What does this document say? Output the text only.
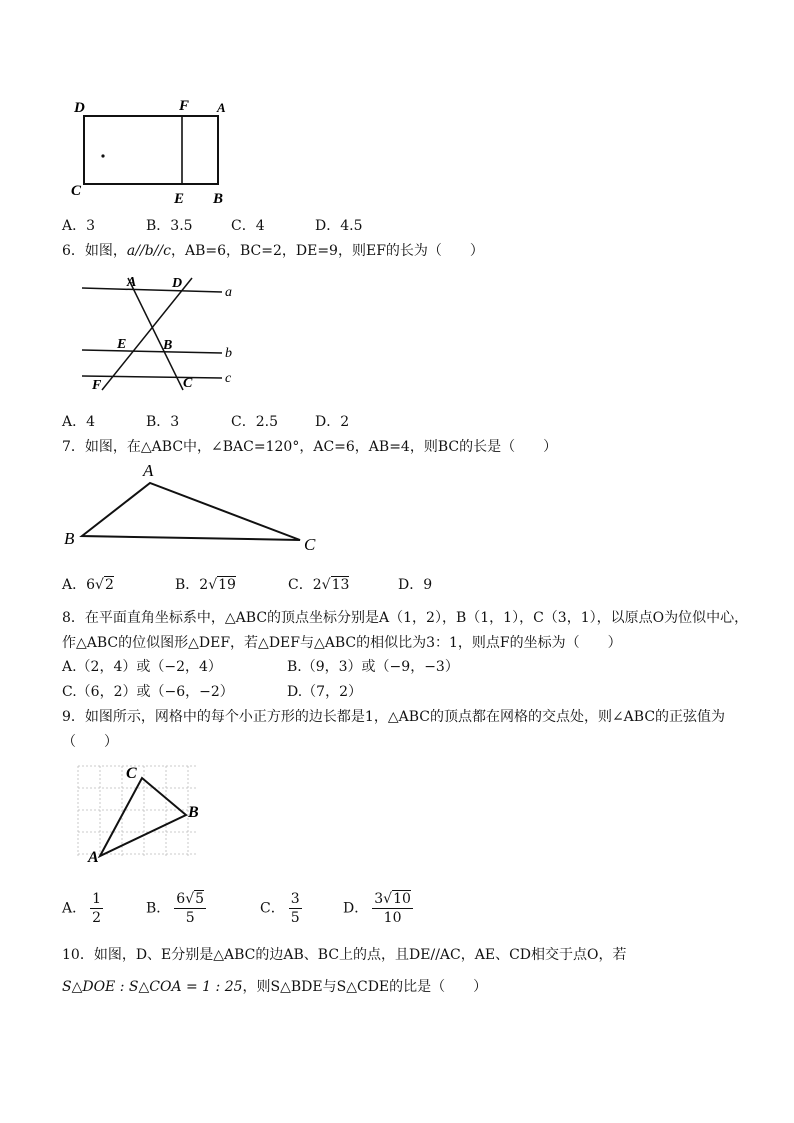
D	F A
C	E B
A．3	B．3.5	C．4	D．4.5
6．如图，a//b//c，AB=6，BC=2，DE=9，则EF的长为（　　）
A	D
a
E	B
b
F	C c
A．4	B．3	C．2.5	D．2
7．如图，在△ABC中，∠BAC=120°，AC=6，AB=4，则BC的长是（　　）
A
B	C
A．6√2	B．2√19	C．2√13	D．9
8．在平面直角坐标系中，△ABC的顶点坐标分别是A（1，2），B（1，1），C（3，1），以原点O为位似中心，
作△ABC的位似图形△DEF，若△DEF与△ABC的相似比为3：1，则点F的坐标为（　　）
A.（2，4）或（−2，4）	B.（9，3）或（−9，−3）
C.（6，2）或（−6，−2）	D.（7，2）
9．如图所示，网格中的每个小正方形的边长都是1，△ABC的顶点都在网格的交点处，则∠ABC的正弦值为
（　　）
C
B
A
A． $\frac{1}{2}$	B． $\frac{6√5}{5}$	C． $\frac{3}{5}$	D． $\frac{3√10}{10}$
10．如图，D、E分别是△ABC的边AB、BC上的点，且DE//AC，AE、CD相交于点O，若
S△DOE : S△COA = 1 : 25，则S△BDE与S△CDE的比是（　　）
